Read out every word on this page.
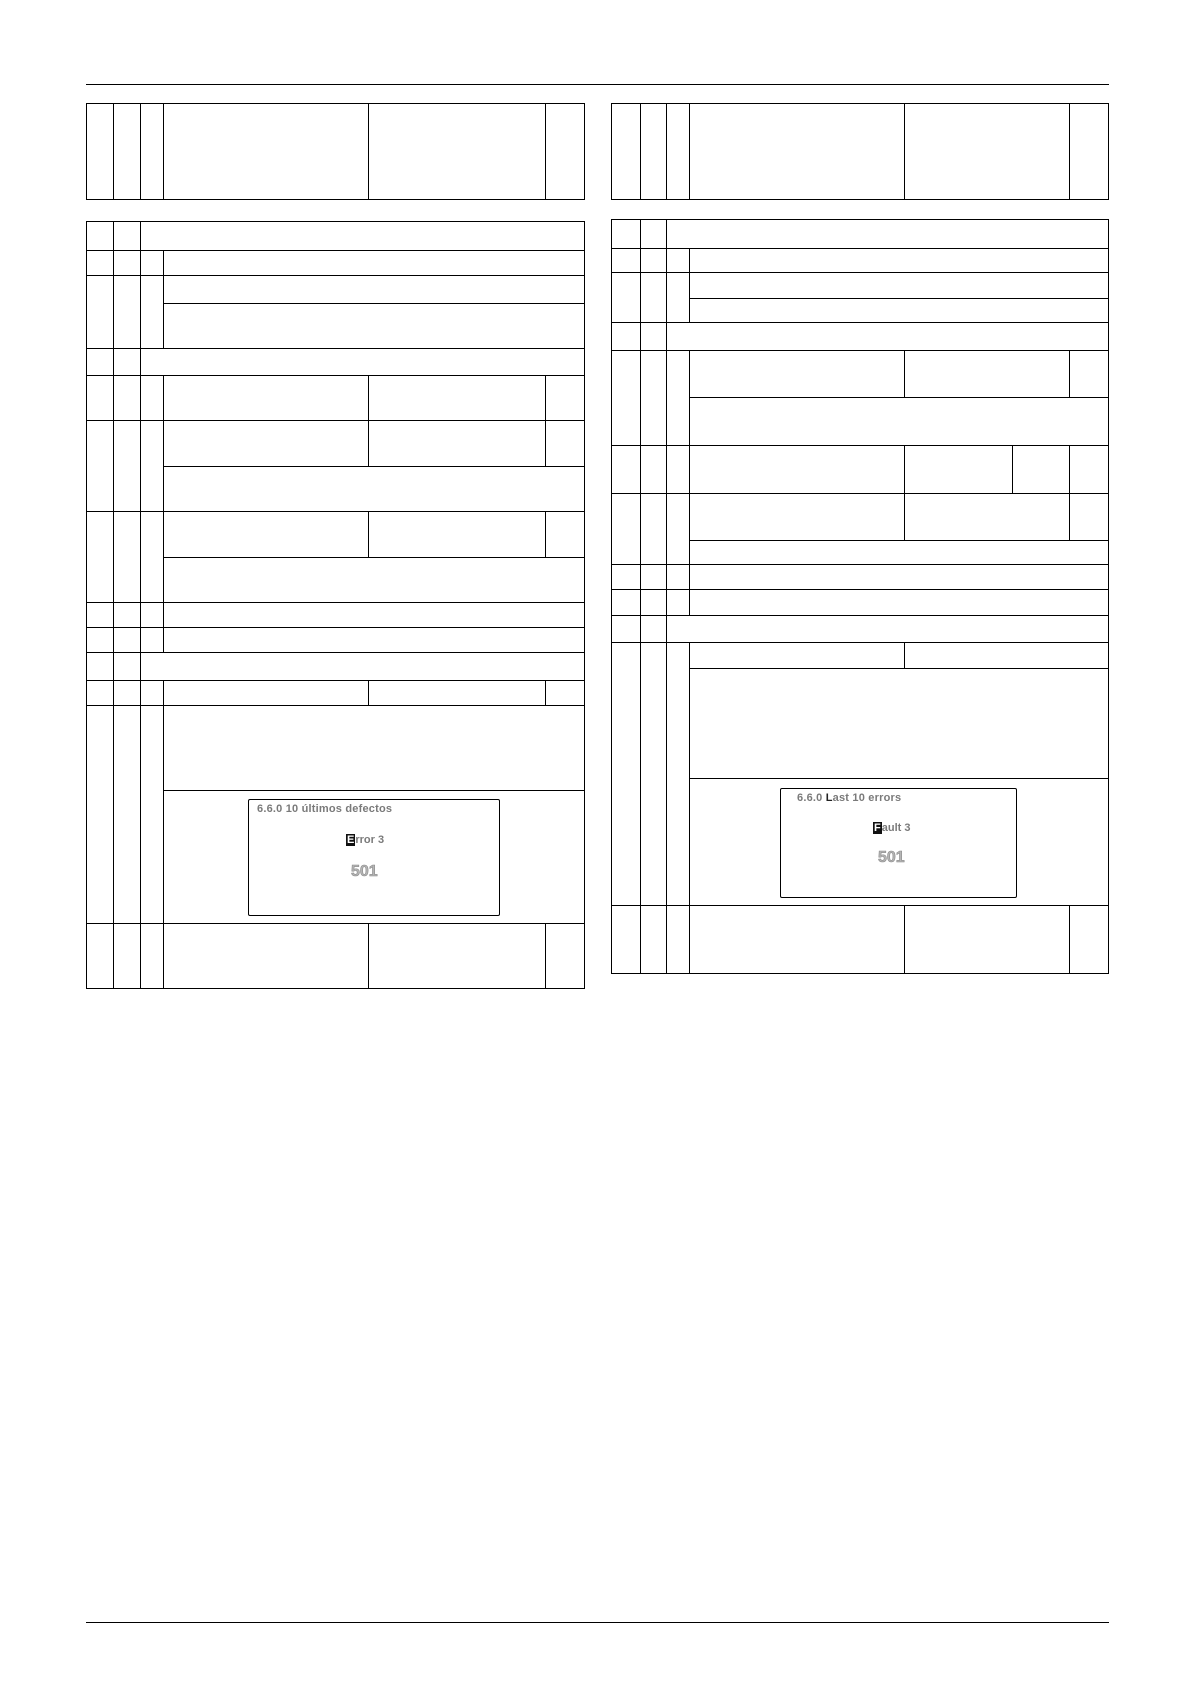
6.6.0 10 últimos defectos
Error 3
501
6.6.0 Last 10 errors
Fault 3
501
